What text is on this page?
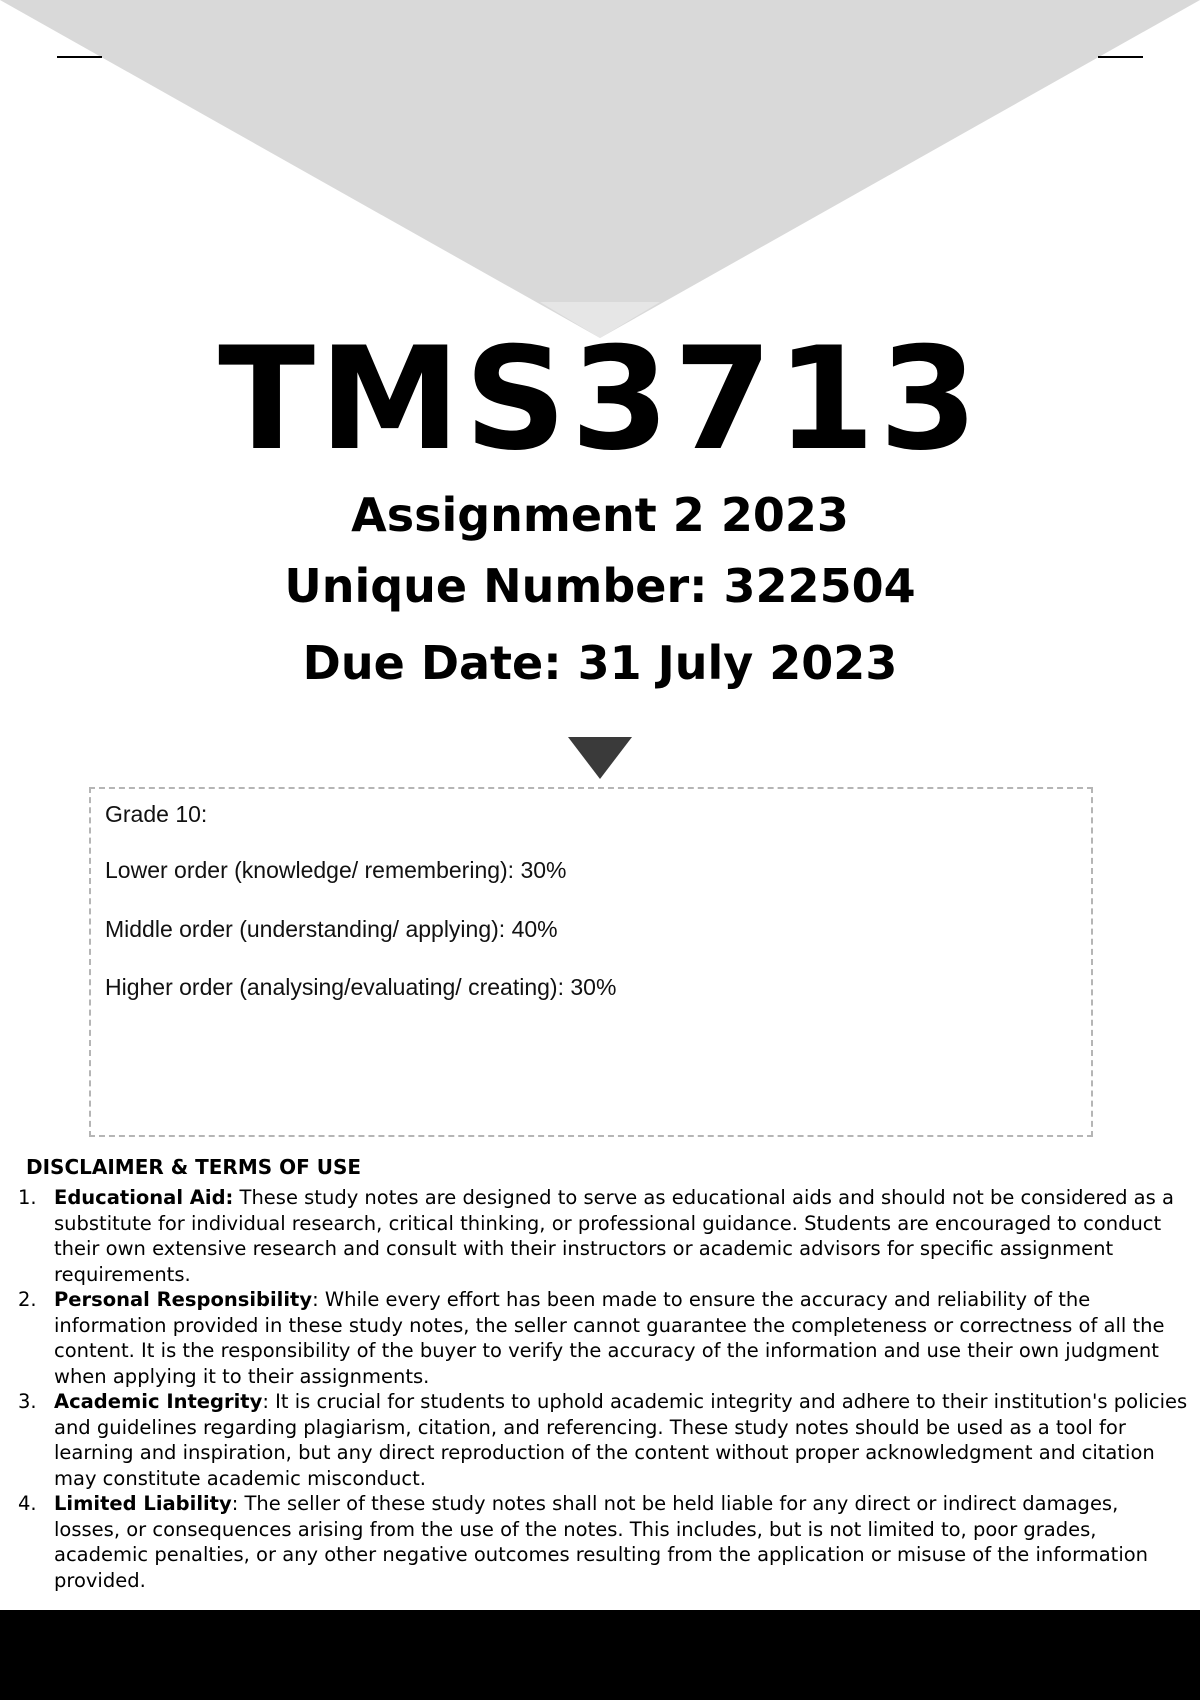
TMS3713
Assignment 2 2023
Unique Number: 322504
Due Date: 31 July 2023

Grade 10:

Lower order (knowledge/ remembering): 30%

Middle order (understanding/ applying): 40%

Higher order (analysing/evaluating/ creating): 30%

DISCLAIMER & TERMS OF USE

1. Educational Aid: These study notes are designed to serve as educational aids and should not be considered as a substitute for individual research, critical thinking, or professional guidance. Students are encouraged to conduct their own extensive research and consult with their instructors or academic advisors for specific assignment requirements.
2. Personal Responsibility: While every effort has been made to ensure the accuracy and reliability of the information provided in these study notes, the seller cannot guarantee the completeness or correctness of all the content. It is the responsibility of the buyer to verify the accuracy of the information and use their own judgment when applying it to their assignments.
3. Academic Integrity: It is crucial for students to uphold academic integrity and adhere to their institution's policies and guidelines regarding plagiarism, citation, and referencing. These study notes should be used as a tool for learning and inspiration, but any direct reproduction of the content without proper acknowledgment and citation may constitute academic misconduct.
4. Limited Liability: The seller of these study notes shall not be held liable for any direct or indirect damages, losses, or consequences arising from the use of the notes. This includes, but is not limited to, poor grades, academic penalties, or any other negative outcomes resulting from the application or misuse of the information provided.
